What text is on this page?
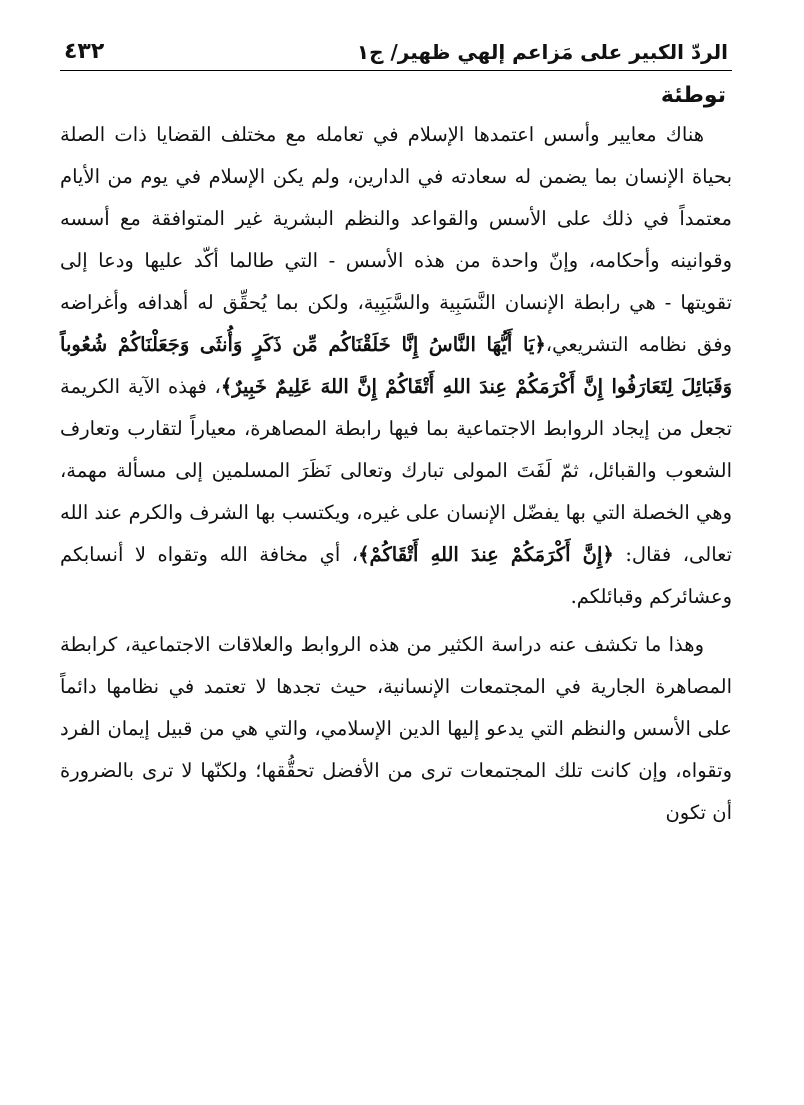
الردّ الكبير على مَزاعم إلهي ظهير/ ج١
٤٣٢
توطئة

هناك معايير وأسس اعتمدها الإسلام في تعامله مع مختلف القضايا ذات الصلة بحياة الإنسان بما يضمن له سعادته في الدارين، ولم يكن الإسلام في يوم من الأيام معتمداً في ذلك على الأسس والقواعد والنظم البشرية غير المتوافقة مع أسسه وقوانينه وأحكامه، وإنّ واحدة من هذه الأسس - التي طالما أكّد عليها ودعا إلى تقويتها - هي رابطة الإنسان النَّسَبِية والسَّبَبِية، ولكن بما يُحقِّق له أهدافه وأغراضه وفق نظامه التشريعي،﴿يَا أَيُّهَا النَّاسُ إِنَّا خَلَقْنَاكُم مِّن ذَكَرٍ وَأُنثَى وَجَعَلْنَاكُمْ شُعُوباً وَقَبَائِلَ لِتَعَارَفُوا إِنَّ أَكْرَمَكُمْ عِندَ اللهِ أَتْقَاكُمْ إِنَّ اللهَ عَلِيمٌ خَبِيرٌ﴾، فهذه الآية الكريمة تجعل من إيجاد الروابط الاجتماعية بما فيها رابطة المصاهرة، معياراً لتقارب وتعارف الشعوب والقبائل، ثمّ لَفَتَ المولى تبارك وتعالى نَظَرَ المسلمين إلى مسألة مهمة، وهي الخصلة التي بها يفضّل الإنسان على غيره، ويكتسب بها الشرف والكرم عند الله تعالى، فقال: ﴿إِنَّ أَكْرَمَكُمْ عِندَ اللهِ أَتْقَاكُمْ﴾، أي مخافة الله وتقواه لا أنسابكم وعشائركم وقبائلكم.

وهذا ما تكشف عنه دراسة الكثير من هذه الروابط والعلاقات الاجتماعية، كرابطة المصاهرة الجارية في المجتمعات الإنسانية، حيث تجدها لا تعتمد في نظامها دائماً على الأسس والنظم التي يدعو إليها الدين الإسلامي، والتي هي من قبيل إيمان الفرد وتقواه، وإن كانت تلك المجتمعات ترى من الأفضل تحقُّقها؛ ولكنّها لا ترى بالضرورة أن تكون
